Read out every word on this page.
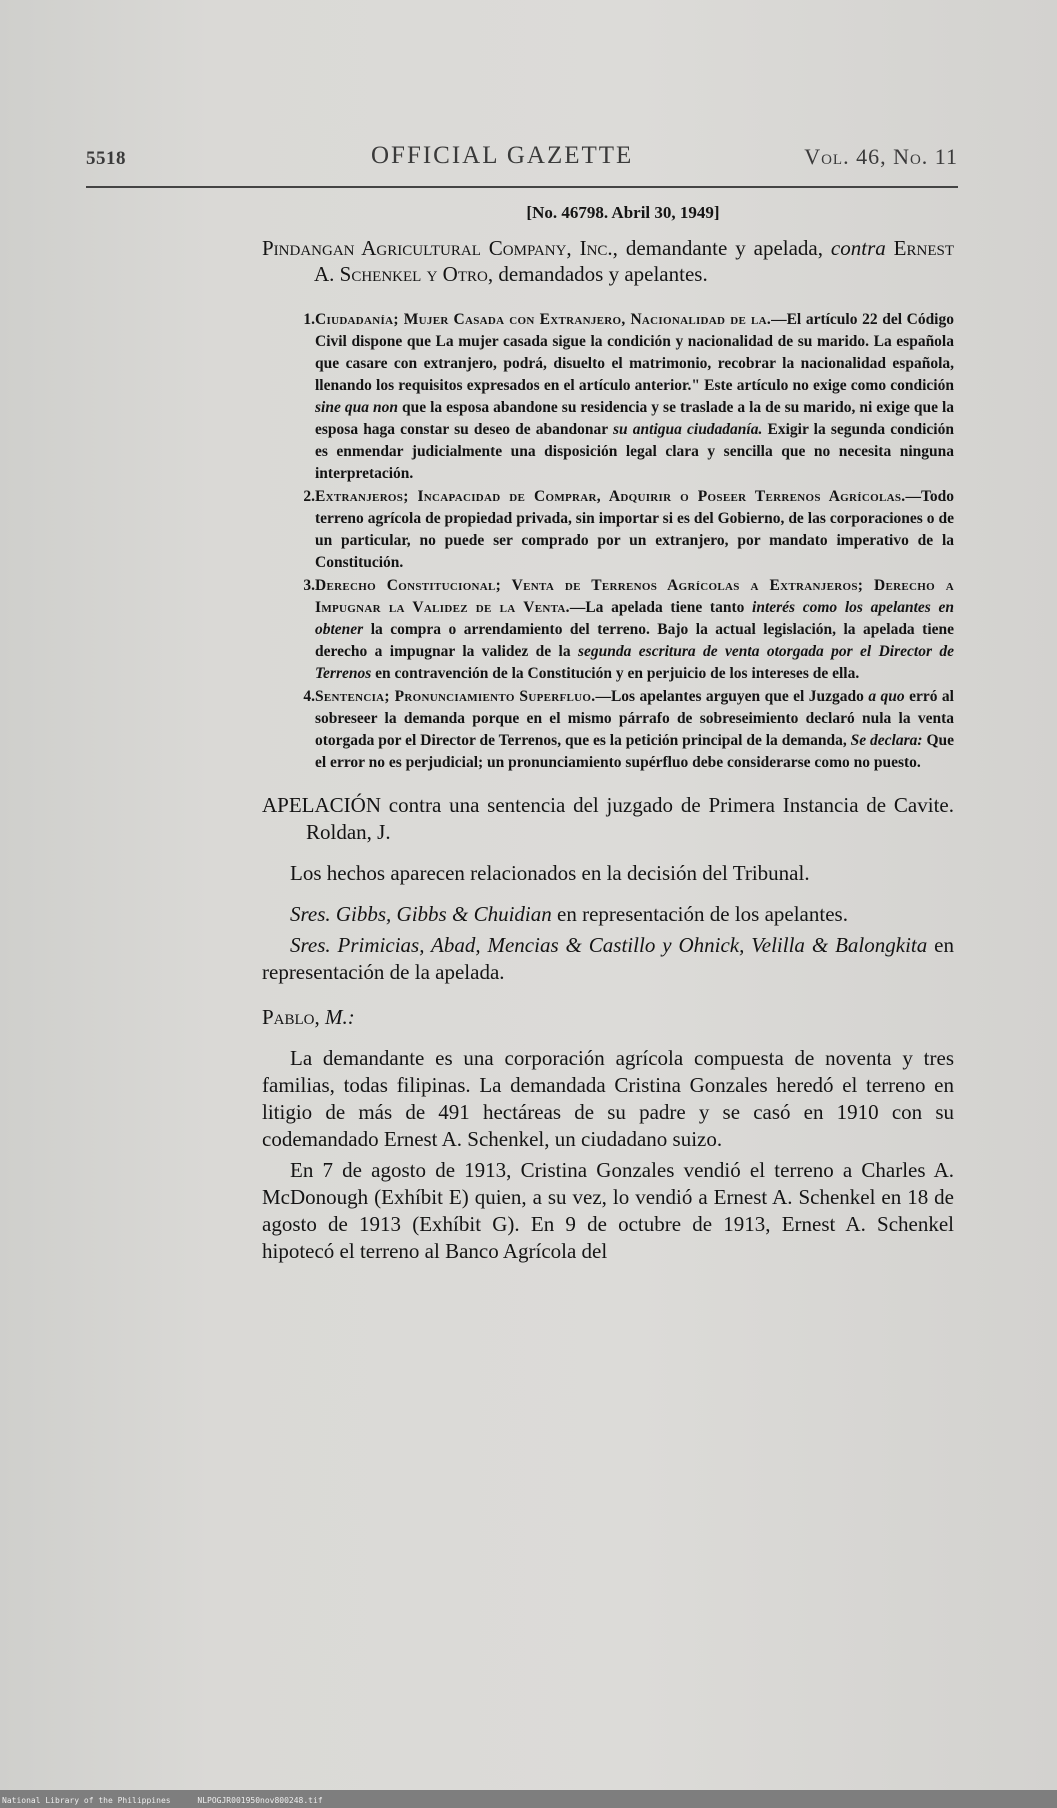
5518	OFFICIAL GAZETTE	Vol. 46, No. 11
[No. 46798. Abril 30, 1949]
Pindangan Agricultural Company, Inc., demandante y apelada, contra Ernest A. Schenkel y Otro, demandados y apelantes.
1.Ciudadanía; Mujer Casada con Extranjero, Nacionalidad de la.—El artículo 22 del Código Civil dispone que La mujer casada sigue la condición y nacionalidad de su marido. La española que casare con extranjero, podrá, disuelto el matrimonio, recobrar la nacionalidad española, llenando los requisitos expresados en el artículo anterior." Este artículo no exige como condición sine qua non que la esposa abandone su residencia y se traslade a la de su marido, ni exige que la esposa haga constar su deseo de abandonar su antigua ciudadanía. Exigir la segunda condición es enmendar judicialmente una disposición legal clara y sencilla que no necesita ninguna interpretación.
2.Extranjeros; Incapacidad de Comprar, Adquirir o Poseer Terrenos Agrícolas.—Todo terreno agrícola de propiedad privada, sin importar si es del Gobierno, de las corporaciones o de un particular, no puede ser comprado por un extranjero, por mandato imperativo de la Constitución.
3.Derecho Constitucional; Venta de Terrenos Agrícolas a Extranjeros; Derecho a Impugnar la Validez de la Venta.—La apelada tiene tanto interés como los apelantes en obtener la compra o arrendamiento del terreno. Bajo la actual legislación, la apelada tiene derecho a impugnar la validez de la segunda escritura de venta otorgada por el Director de Terrenos en contravención de la Constitución y en perjuicio de los intereses de ella.
4.Sentencia; Pronunciamiento Superfluo.—Los apelantes arguyen que el Juzgado a quo erró al sobreseer la demanda porque en el mismo párrafo de sobreseimiento declaró nula la venta otorgada por el Director de Terrenos, que es la petición principal de la demanda, Se declara: Que el error no es perjudicial; un pronunciamiento supérfluo debe considerarse como no puesto.
APELACIÓN contra una sentencia del juzgado de Primera Instancia de Cavite. Roldan, J.
Los hechos aparecen relacionados en la decisión del Tribunal.
Sres. Gibbs, Gibbs & Chuidian en representación de los apelantes.
Sres. Primicias, Abad, Mencias & Castillo y Ohnick, Velilla & Balongkita en representación de la apelada.
Pablo, M.:
La demandante es una corporación agrícola compuesta de noventa y tres familias, todas filipinas. La demandada Cristina Gonzales heredó el terreno en litigio de más de 491 hectáreas de su padre y se casó en 1910 con su codemandado Ernest A. Schenkel, un ciudadano suizo.
En 7 de agosto de 1913, Cristina Gonzales vendió el terreno a Charles A. McDonough (Exhíbit E) quien, a su vez, lo vendió a Ernest A. Schenkel en 18 de agosto de 1913 (Exhíbit G). En 9 de octubre de 1913, Ernest A. Schenkel hipotecó el terreno al Banco Agrícola del
National Library of the Philippines	NLPOGJR001950nov800248.tif
